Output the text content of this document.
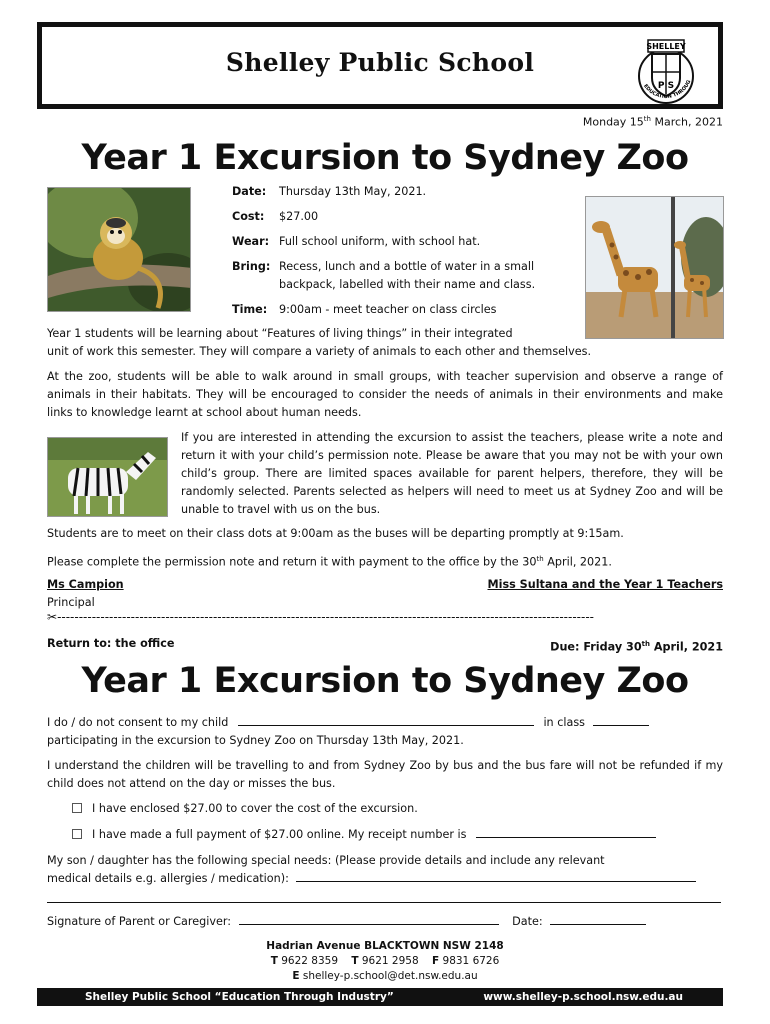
Shelley Public School
SHELLEY
P S
EDUCATION THROUG
Monday 15th March, 2021
Year 1 Excursion to Sydney Zoo
Date: Thursday 13th May, 2021.
Cost: $27.00
Wear: Full school uniform, with school hat.
Bring: Recess, lunch and a bottle of water in a small backpack, labelled with their name and class.
Time: 9:00am - meet teacher on class circles
Year 1 students will be learning about “Features of living things” in their integrated
unit of work this semester. They will compare a variety of animals to each other and themselves.
At the zoo, students will be able to walk around in small groups, with teacher supervision and observe a range of animals in their habitats. They will be encouraged to consider the needs of animals in their environments and make links to knowledge learnt at school about human needs.
If you are interested in attending the excursion to assist the teachers, please write a note and return it with your child’s permission note. Please be aware that you may not be with your own child’s group. There are limited spaces available for parent helpers, therefore, they will be randomly selected. Parents selected as helpers will need to meet us at Sydney Zoo and will be unable to travel with us on the bus.
Students are to meet on their class dots at 9:00am as the buses will be departing promptly at 9:15am.
Please complete the permission note and return it with payment to the office by the 30th April, 2021.
Ms Campion
Principal
Miss Sultana and the Year 1 Teachers
✂----------------------------------------------------------------------------------------------------------------------------
Return to: the office	Due: Friday 30th April, 2021
Year 1 Excursion to Sydney Zoo
I do / do not consent to my child	in class
participating in the excursion to Sydney Zoo on Thursday 13th May, 2021.
I understand the children will be travelling to and from Sydney Zoo by bus and the bus fare will not be refunded if my child does not attend on the day or misses the bus.
I have enclosed $27.00 to cover the cost of the excursion.
I have made a full payment of $27.00 online. My receipt number is
My son / daughter has the following special needs: (Please provide details and include any relevant
medical details e.g. allergies / medication):
Signature of Parent or Caregiver:	Date:
Hadrian Avenue BLACKTOWN NSW 2148
T 9622 8359 T 9621 2958 F 9831 6726
E shelley-p.school@det.nsw.edu.au
Shelley Public School “Education Through Industry”	www.shelley-p.school.nsw.edu.au
